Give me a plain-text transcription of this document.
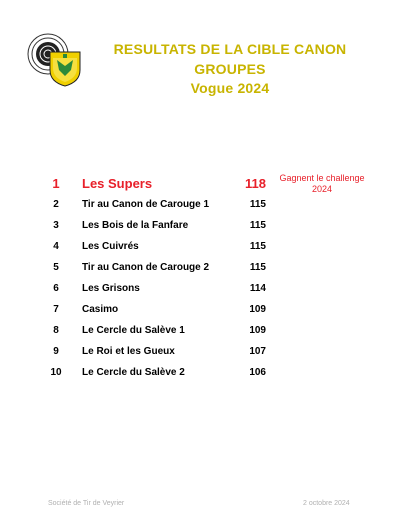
RESULTATS DE LA CIBLE CANON
GROUPES
Vogue 2024
1	Les Supers	118	Gagnent le challenge
2024
2	Tir au Canon de Carouge 1	115
3	Les Bois de la Fanfare	115
4	Les Cuivrés	115
5	Tir au Canon de Carouge 2	115
6	Les Grisons	114
7	Casimo	109
8	Le Cercle du Salève 1	109
9	Le Roi et les Gueux	107
10	Le Cercle du Salève 2	106
Société de Tir de Veyrier	2 octobre 2024
